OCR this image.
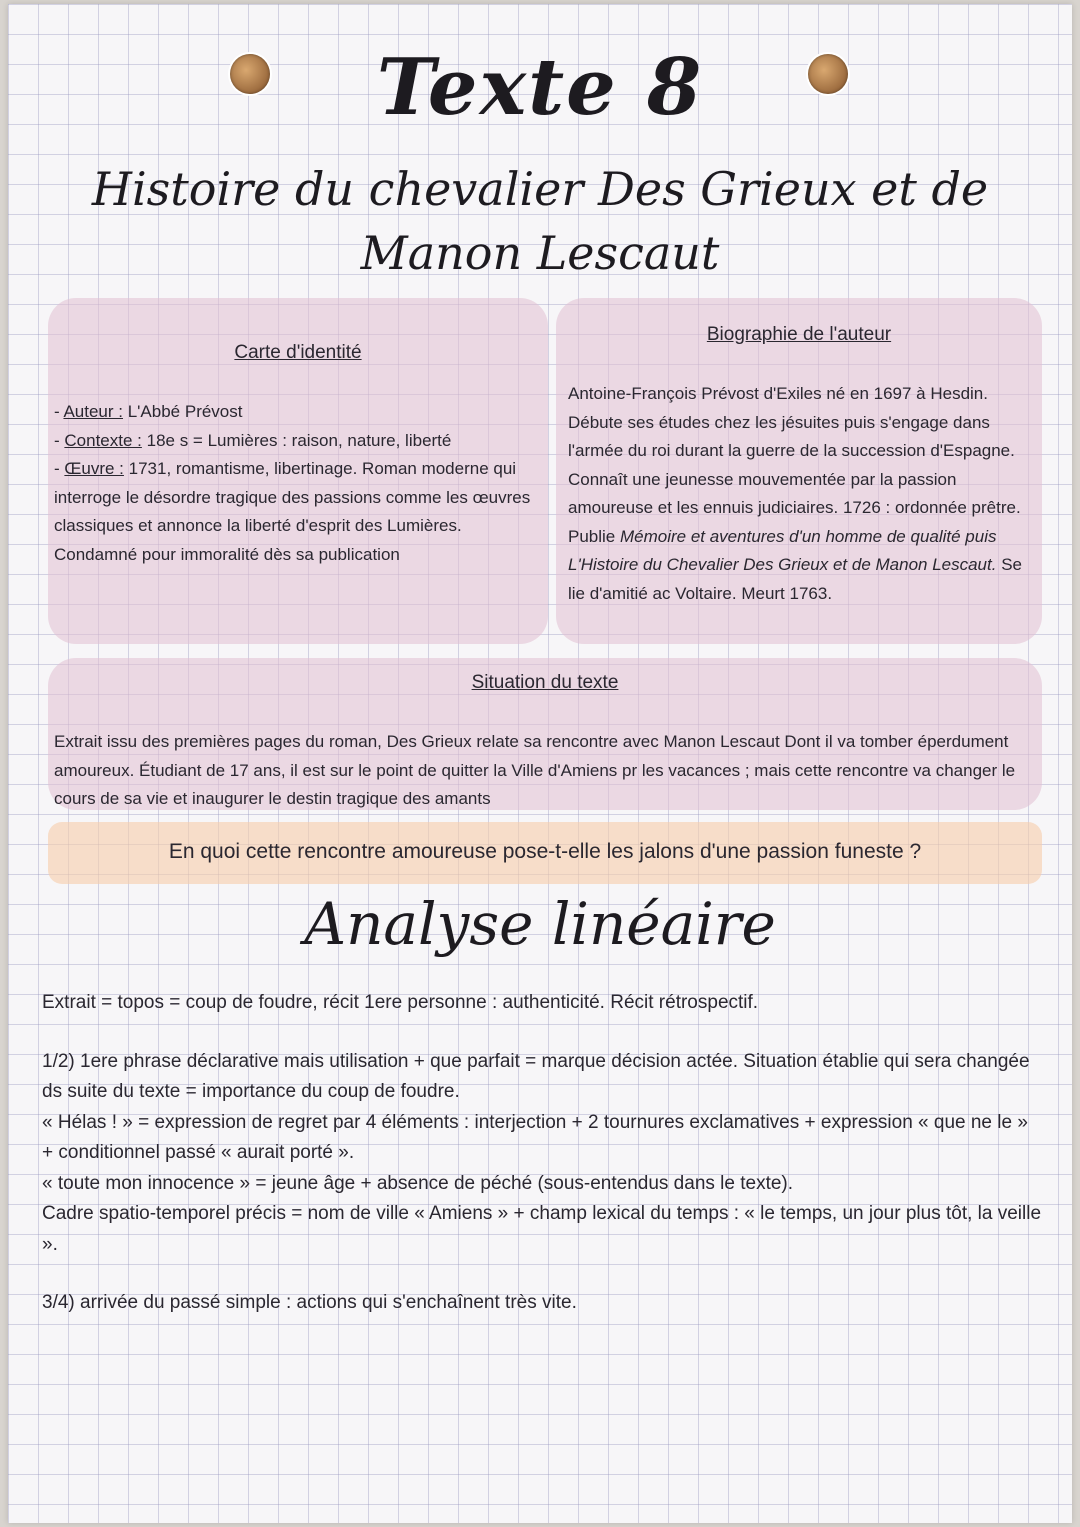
Texte 8
Histoire du chevalier Des Grieux et de
Manon Lescaut
Carte d'identité
- Auteur : L'Abbé Prévost
- Contexte : 18e s = Lumières : raison, nature, liberté
- Œuvre : 1731, romantisme, libertinage. Roman moderne qui interroge le désordre tragique des passions comme les œuvres classiques et annonce la liberté d'esprit des Lumières. Condamné pour immoralité dès sa publication
Biographie de l'auteur
Antoine-François Prévost d'Exiles né en 1697 à Hesdin. Débute ses études chez les jésuites puis s'engage dans l'armée du roi durant la guerre de la succession d'Espagne. Connaît une jeunesse mouvementée par la passion amoureuse et les ennuis judiciaires. 1726 : ordonnée prêtre. Publie Mémoire et aventures d'un homme de qualité puis L'Histoire du Chevalier Des Grieux et de Manon Lescaut. Se lie d'amitié ac Voltaire. Meurt 1763.
Situation du texte
Extrait issu des premières pages du roman, Des Grieux relate sa rencontre avec Manon Lescaut Dont il va tomber éperdument amoureux. Étudiant de 17 ans, il est sur le point de quitter la Ville d'Amiens pr les vacances ; mais cette rencontre va changer le cours de sa vie et inaugurer le destin tragique des amants
En quoi cette rencontre amoureuse pose-t-elle les jalons d'une passion funeste ?
Analyse linéaire

Extrait = topos = coup de foudre, récit 1ere personne : authenticité. Récit rétrospectif.

1/2) 1ere phrase déclarative mais utilisation + que parfait = marque décision actée. Situation établie qui sera changée ds suite du texte = importance du coup de foudre.

« Hélas ! » = expression de regret par 4 éléments : interjection + 2 tournures exclamatives + expression « que ne le » + conditionnel passé « aurait porté ».

« toute mon innocence » = jeune âge + absence de péché (sous-entendus dans le texte).

Cadre spatio-temporel précis = nom de ville « Amiens » + champ lexical du temps : « le temps, un jour plus tôt, la veille ».

3/4) arrivée du passé simple : actions qui s'enchaînent très vite.
